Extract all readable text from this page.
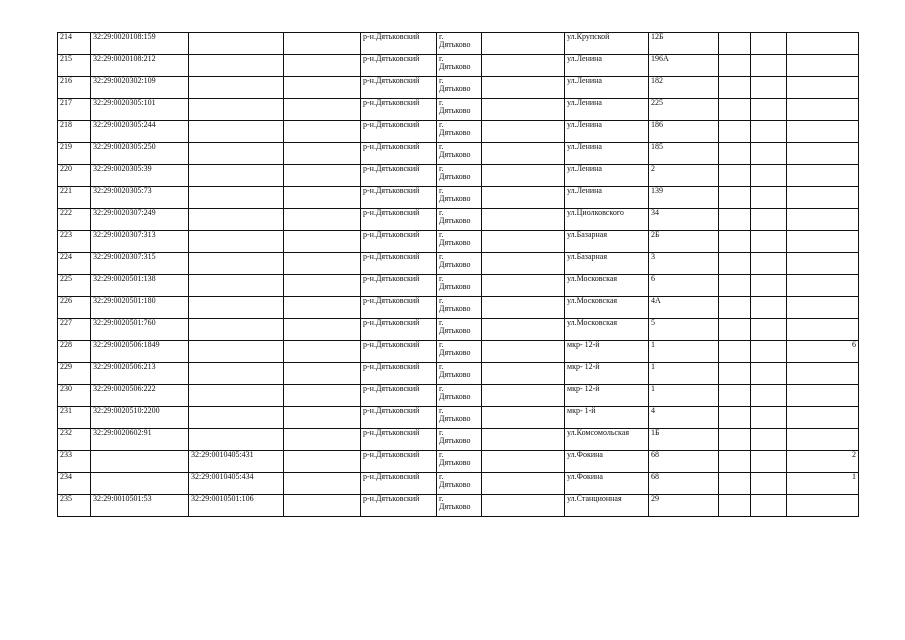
214	32:29:0020108:159			р-н.Дятьковский	г.
Дятьково		ул.Крупской	12Б			
215	32:29:0020108:212			р-н.Дятьковский	г.
Дятьково		ул.Ленина	196А			
216	32:29:0020302:109			р-н.Дятьковский	г.
Дятьково		ул.Ленина	182			
217	32:29:0020305:101			р-н.Дятьковский	г.
Дятьково		ул.Ленина	225			
218	32:29:0020305:244			р-н.Дятьковский	г.
Дятьково		ул.Ленина	186			
219	32:29:0020305:250			р-н.Дятьковский	г.
Дятьково		ул.Ленина	185			
220	32:29:0020305:39			р-н.Дятьковский	г.
Дятьково		ул.Ленина	2			
221	32:29:0020305:73			р-н.Дятьковский	г.
Дятьково		ул.Ленина	139			
222	32:29:0020307:249			р-н.Дятьковский	г.
Дятьково		ул.Циолковского	34			
223	32:29:0020307:313			р-н.Дятьковский	г.
Дятьково		ул.Базарная	2Б			
224	32:29:0020307:315			р-н.Дятьковский	г.
Дятьково		ул.Базарная	3			
225	32:29:0020501:138			р-н.Дятьковский	г.
Дятьково		ул.Московская	6			
226	32:29:0020501:180			р-н.Дятьковский	г.
Дятьково		ул.Московская	4А			
227	32:29:0020501:760			р-н.Дятьковский	г.
Дятьково		ул.Московская	5			
228	32:29:0020506:1849			р-н.Дятьковский	г.
Дятьково		мкр- 12-й	1			6
229	32:29:0020506:213			р-н.Дятьковский	г.
Дятьково		мкр- 12-й	1			
230	32:29:0020506:222			р-н.Дятьковский	г.
Дятьково		мкр- 12-й	1			
231	32:29:0020510:2200			р-н.Дятьковский	г.
Дятьково		мкр- 1-й	4			
232	32:29:0020602:91			р-н.Дятьковский	г.
Дятьково		ул.Комсомольская	1Б			
233		32:29:0010405:431		р-н.Дятьковский	г.
Дятьково		ул.Фокина	68			2
234		32:29:0010405:434		р-н.Дятьковский	г.
Дятьково		ул.Фокина	68			1
235	32:29:0010501:53	32:29:0010501:106		р-н.Дятьковский	г.
Дятьково		ул.Станционная	29			
